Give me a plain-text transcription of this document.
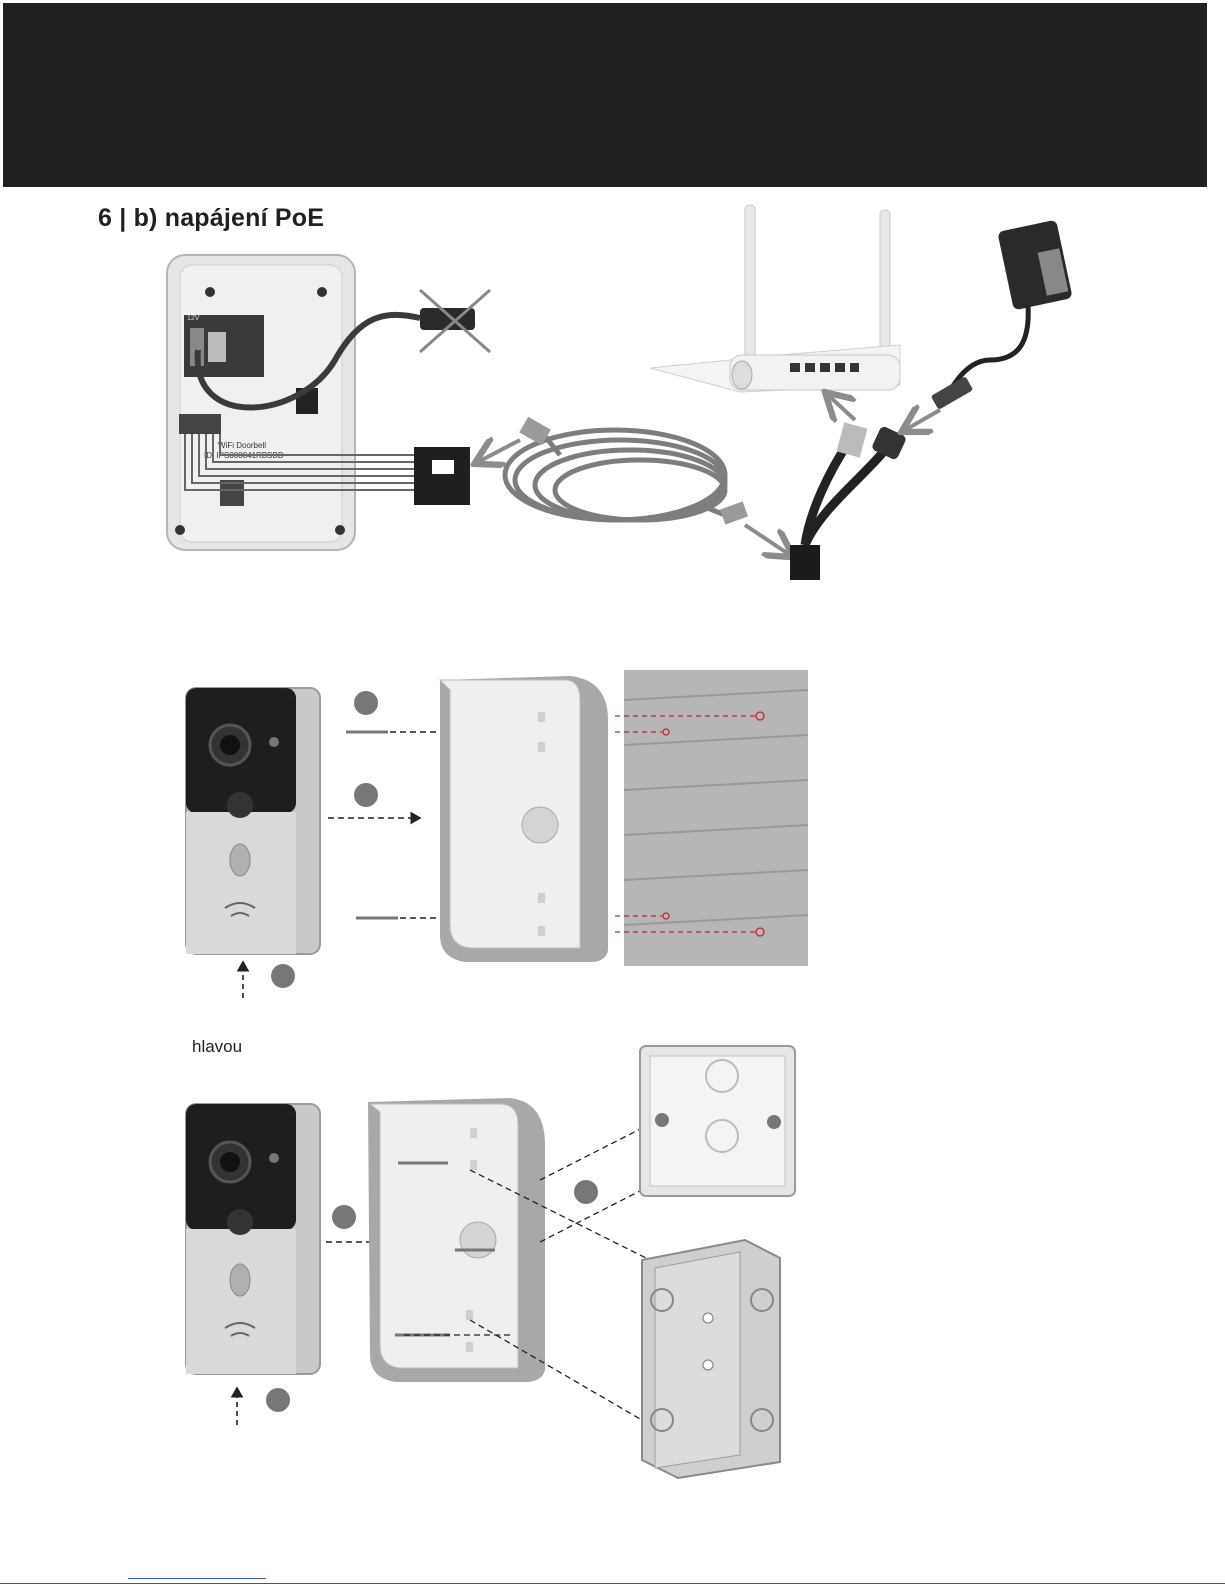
6 | b) napájení PoE
12V
WiFi Doorbell
ID: IPS008841RBSBD
hlavou
